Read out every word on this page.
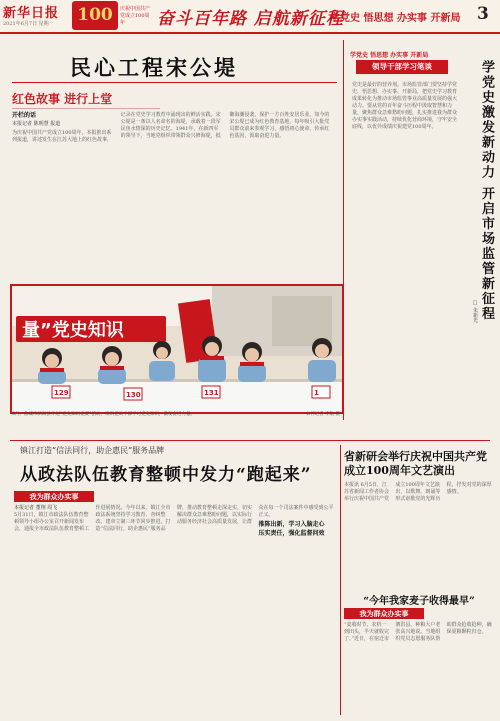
新华日报
2021年6月7日 星期一	100	庆祝中国共产党成立100周年	奋斗百年路 启航新征程
学党史 悟思想 办实事 开新局 3
民心工程宋公堤
红色故事 进行上堂
开栏的话
本报记者 陈明慧 报道
为庆祝中国共产党成立100周年，本报推出系列报道，讲述发生在江苏大地上的红色故事，记录在党史学习教育中涌现出的鲜活实践。宋公堤是一条以人名命名的海堤，承载着一段军民鱼水情深的历史记忆。1941年，在新四军的领导下，当地党组织带领群众兴修海堤，抵御海潮侵袭，保护一方百姓安居乐业。如今的宋公堤已成为红色教育基地，每年吸引大批党员群众前来参观学习，感悟初心使命，传承红色基因，汲取奋进力量。
量”党史知识
129	130	131	1
6月，盐城市滨海县开展“党史知识竞赛”活动，组织党员干部学习党史知识，激发奋进力量。	本刊记者 李航 摄
学党史 悟思想 办实事 开新局
领导干部学习笔谈
党史是最好的营养剂。市场监管部门要坚持学党史、悟思想、办实事、开新局，把党史学习教育成果转化为推动市场监管事业高质量发展的强大动力。要从党的百年奋斗历程中汲取智慧和力量，聚焦群众急难愁盼问题，扎实推进我为群众办实事实践活动，持续优化营商环境，守牢安全底线，以优异成绩庆祝建党100周年。	学党史激发新动力 开启市场监管新征程
□ 朱新光
镇江打造“信法同行，助企惠民”服务品牌
从政法队伍教育整顿中发力“跑起来”
我为群众办实事
本报记者 董翔 周飞
5月31日，镇江市政法队伍教育整顿领导小组办公室召开新闻发布会，通报全市政法队伍教育整顿工作进展情况。今年以来，镇江全市政法系统坚持学习教育、查纠整改、建章立制三环节同步推进，打造“信法同行，助企惠民”服务品牌，推动教育整顿走深走实，切实解决群众急难愁盼问题，以实际行动服务经济社会高质量发展，让群众在每一个司法案件中感受到公平正义。
推陈出新，学习入脑走心
压实责任，强化监督问效
省新研会举行庆祝中国共产党成立100周年文艺演出
本报讯 6月5日，江苏省新闻工作者协会举行庆祝中国共产党成立100周年文艺演出，以歌舞、朗诵等形式讴歌党的光辉历程，抒发对党的深厚感情。
“今年我家麦子收得最早”
我为群众办实事
“麦收时节，农机一到田头，半天就收完了。”近日，在宿迁市泗洪县，种粮大户老张高兴地说。当地组织党员志愿服务队帮助群众抢收抢种，确保夏粮颗粒归仓。
